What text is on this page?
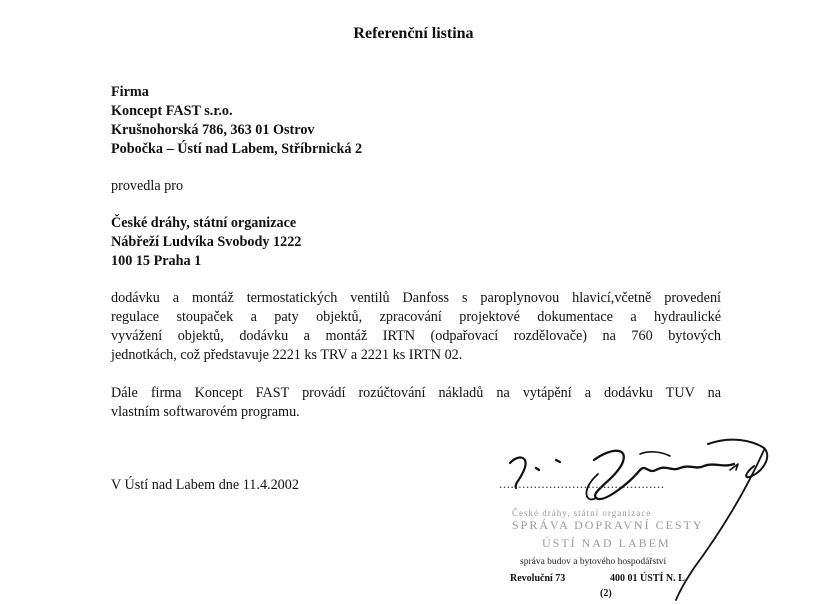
Referenční listina
Firma
Koncept FAST s.r.o.
Krušnohorská 786, 363 01 Ostrov
Pobočka – Ústí nad Labem, Stříbrnická 2
provedla pro
České dráhy, státní organizace
Nábřeží Ludvíka Svobody 1222
100 15 Praha 1
dodávku a montáž termostatických ventilů Danfoss s paroplynovou hlavicí,včetně provedení
regulace stoupaček a paty objektů, zpracování projektové dokumentace a hydraulické
vyvážení objektů, dodávku a montáž IRTN (odpařovací rozdělovače) na 760 bytových
jednotkách, což představuje 2221 ks TRV a 2221 ks IRTN 02.
Dále firma Koncept FAST provádí rozúčtování nákladů na vytápění a dodávku TUV na
vlastním softwarovém programu.
V Ústí nad Labem dne 11.4.2002	...........................................
České dráhy, státní organizace
SPRÁVA DOPRAVNÍ CESTY
ÚSTÍ NAD LABEM
správa budov a bytového hospodářství
Revoluční 73	400 01 ÚSTÍ N. L.
(2)
